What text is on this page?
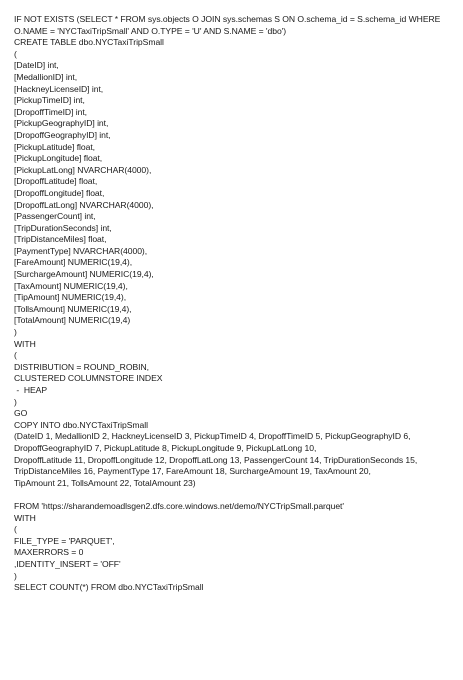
IF NOT EXISTS (SELECT * FROM sys.objects O JOIN sys.schemas S ON O.schema_id = S.schema_id WHERE
O.NAME = 'NYCTaxiTripSmall' AND O.TYPE = 'U' AND S.NAME = 'dbo')
CREATE TABLE dbo.NYCTaxiTripSmall
(
[DateID] int,
[MedallionID] int,
[HackneyLicenseID] int,
[PickupTimeID] int,
[DropoffTimeID] int,
[PickupGeographyID] int,
[DropoffGeographyID] int,
[PickupLatitude] float,
[PickupLongitude] float,
[PickupLatLong] NVARCHAR(4000),
[DropoffLatitude] float,
[DropoffLongitude] float,
[DropoffLatLong] NVARCHAR(4000),
[PassengerCount] int,
[TripDurationSeconds] int,
[TripDistanceMiles] float,
[PaymentType] NVARCHAR(4000),
[FareAmount] NUMERIC(19,4),
[SurchargeAmount] NUMERIC(19,4),
[TaxAmount] NUMERIC(19,4),
[TipAmount] NUMERIC(19,4),
[TollsAmount] NUMERIC(19,4),
[TotalAmount] NUMERIC(19,4)
)
WITH
(
DISTRIBUTION = ROUND_ROBIN,
CLUSTERED COLUMNSTORE INDEX
-  HEAP
)
GO
COPY INTO dbo.NYCTaxiTripSmall
(DateID 1, MedallionID 2, HackneyLicenseID 3, PickupTimeID 4, DropoffTimeID 5, PickupGeographyID 6,
DropoffGeographyID 7, PickupLatitude 8, PickupLongitude 9, PickupLatLong 10,
DropoffLatitude 11, DropoffLongitude 12, DropoffLatLong 13, PassengerCount 14, TripDurationSeconds 15,
TripDistanceMiles 16, PaymentType 17, FareAmount 18, SurchargeAmount 19, TaxAmount 20,
TipAmount 21, TollsAmount 22, TotalAmount 23)
FROM 'https://sharandemoadlsgen2.dfs.core.windows.net/demo/NYCTripSmall.parquet'
WITH
(
FILE_TYPE = 'PARQUET',
MAXERRORS = 0
,IDENTITY_INSERT = 'OFF'
)
SELECT COUNT(*) FROM dbo.NYCTaxiTripSmall
